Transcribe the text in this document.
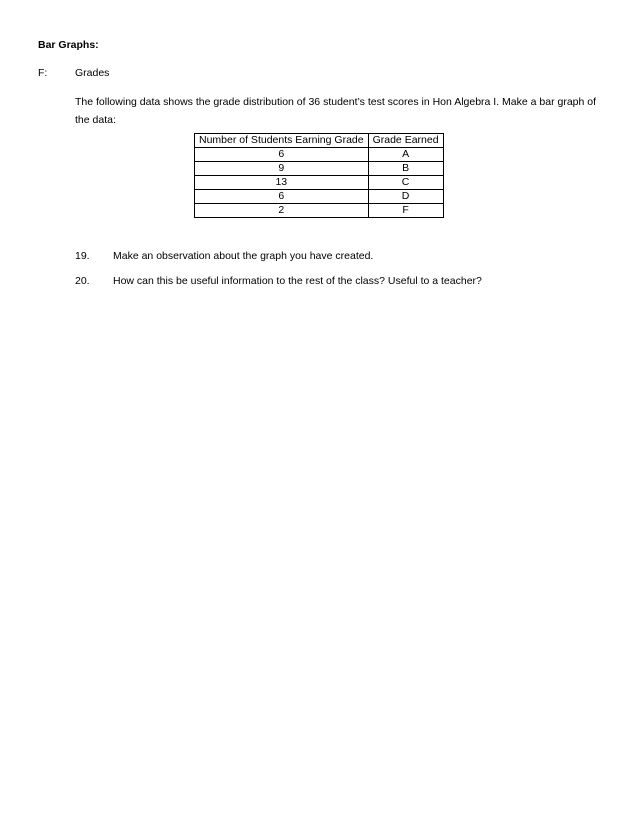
Bar Graphs:
F:	Grades
The following data shows the grade distribution of 36 student’s test scores in Hon Algebra I. Make a bar graph of the data:
Number of Students Earning Grade	Grade Earned
6	A
9	B
13	C
6	D
2	F
19. Make an observation about the graph you have created.
20. How can this be useful information to the rest of the class? Useful to a teacher?
